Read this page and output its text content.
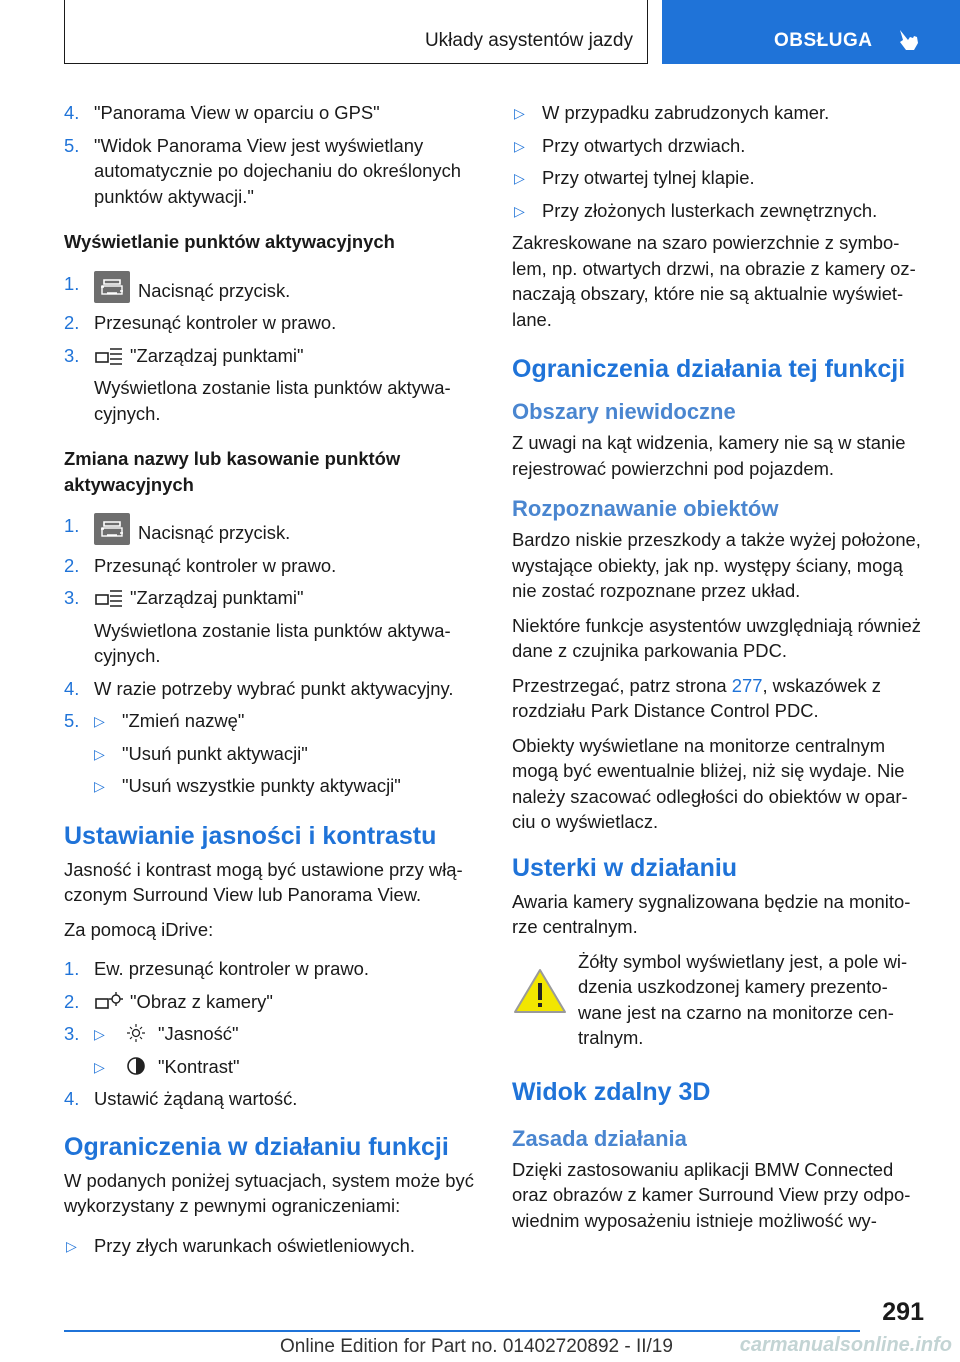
Układy asystentów jazdy	OBSŁUGA
4. "Panorama View w oparciu o GPS"
5. "Widok Panorama View jest wyświetlany automatycznie po dojechaniu do określonych punktów aktywacji."
Wyświetlanie punktów aktywacyjnych
1.	Nacisnąć przycisk.
2. Przesunąć kontroler w prawo.
3.	"Zarządzaj punktami"
Wyświetlona zostanie lista punktów aktywacyjnych.
Zmiana nazwy lub kasowanie punktów aktywacyjnych
1.	Nacisnąć przycisk.
2. Przesunąć kontroler w prawo.
3.	"Zarządzaj punktami"
Wyświetlona zostanie lista punktów aktywacyjnych.
4. W razie potrzeby wybrać punkt aktywacyjny.
5. ▷ "Zmień nazwę"
▷ "Usuń punkt aktywacji"
▷ "Usuń wszystkie punkty aktywacji"
Ustawianie jasności i kontrastu

Jasność i kontrast mogą być ustawione przy włączonym Surround View lub Panorama View.

Za pomocą iDrive:

1. Ew. przesunąć kontroler w prawo.
2.	"Obraz z kamery"
3. ▷	"Jasność"
▷	"Kontrast"
4. Ustawić żądaną wartość.
Ograniczenia w działaniu funkcji

W podanych poniżej sytuacjach, system może być wykorzystany z pewnymi ograniczeniami:

▷ Przy złych warunkach oświetleniowych.
▷ W przypadku zabrudzonych kamer.
▷ Przy otwartych drzwiach.
▷ Przy otwartej tylnej klapie.
▷ Przy złożonych lusterkach zewnętrznych.

Zakreskowane na szaro powierzchnie z symbolem, np. otwartych drzwi, na obrazie z kamery oznaczają obszary, które nie są aktualnie wyświetlane.

Ograniczenia działania tej funkcji
Obszary niewidoczne

Z uwagi na kąt widzenia, kamery nie są w stanie rejestrować powierzchni pod pojazdem.

Rozpoznawanie obiektów

Bardzo niskie przeszkody a także wyżej położone, wystające obiekty, jak np. występy ściany, mogą nie zostać rozpoznane przez układ.

Niektóre funkcje asystentów uwzględniają również dane z czujnika parkowania PDC.

Przestrzegać, patrz strona 277, wskazówek z rozdziału Park Distance Control PDC.

Obiekty wyświetlane na monitorze centralnym mogą być ewentualnie bliżej, niż się wydaje. Nie należy szacować odległości do obiektów w oparciu o wyświetlacz.

Usterki w działaniu

Awaria kamery sygnalizowana będzie na monitorze centralnym.

Żółty symbol wyświetlany jest, a pole widzenia uszkodzonej kamery prezentowane jest na czarno na monitorze centralnym.

Widok zdalny 3D
Zasada działania

Dzięki zastosowaniu aplikacji BMW Connected oraz obrazów z kamer Surround View przy odpowiednim wyposażeniu istnieje możliwość wy-

291
Online Edition for Part no. 01402720892 - II/19	carmanualsonline.info
